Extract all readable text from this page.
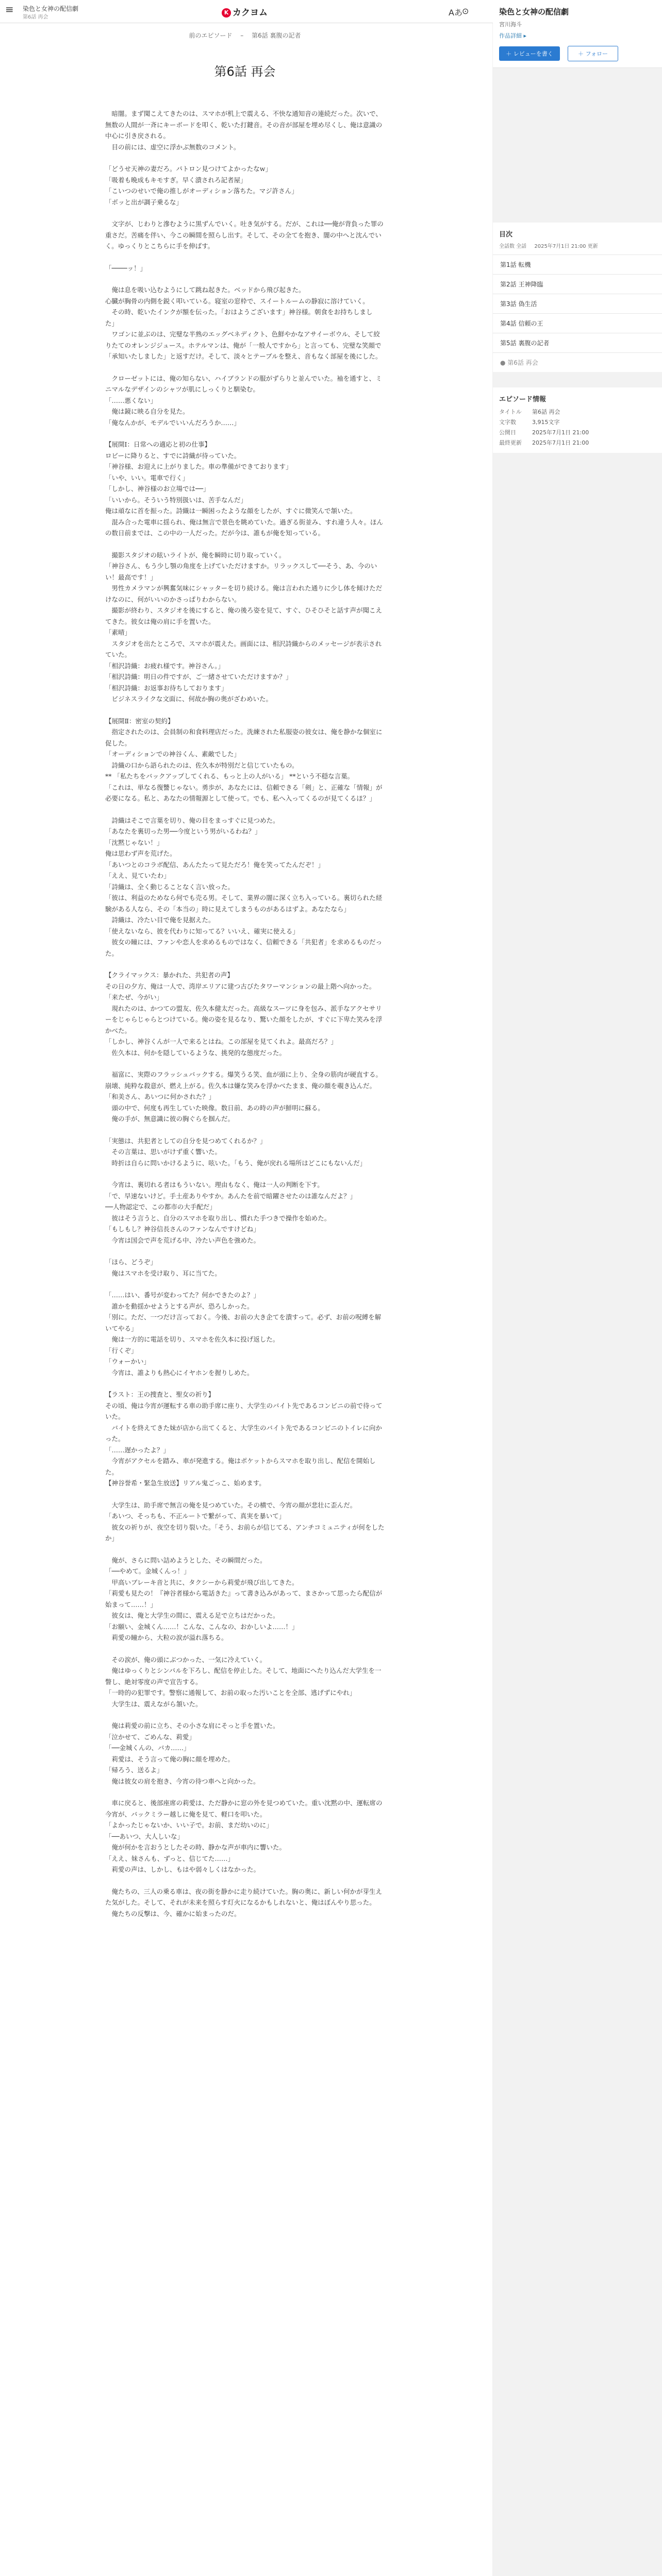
≡	染色と女神の配信劇
第6話 再会
K カクヨム	Aあ ⊙
前のエピソード – 第6話 裏腹の記者
第6話 再会

　暗闇。まず聞こえてきたのは、スマホが机上で震える、不快な通知音の連続だった。次いで、無数の人間が一斉にキーボードを叩く、乾いた打鍵音。その音が部屋を埋め尽くし、俺は意識の中心に引き戻される。
　目の前には、虚空に浮かぶ無数のコメント。

「どうせ天神の妻だろ。パトロン見つけてよかったなw」
「吸着も晩成もキモすぎ。早く潰されろ記者屋」
「こいつのせいで俺の推しがオーディション落ちた。マジ許さん」
「ボッと出が調子乗るな」

　文字が、じわりと滲むように黒ずんでいく。吐き気がする。だが、これは──俺が背負った罪の重さだ。苦痛を伴い、今この瞬間を照らし出す。そして、その全てを抱き、闇の中へと沈んでいく。ゆっくりとこちらに手を伸ばす。

「────ッ！」

　俺は息を吸い込むようにして跳ね起きた。ベッドから飛び起きた。
心臓が胸骨の内側を鋭く叩いている。寝室の窓枠で、スイートルームの静寂に溶けていく。
　その時、乾いたインクが額を伝った。「おはようございます」神谷様。朝食をお持ちしました」
　ワゴンに並ぶのは、完璧な半熟のエッグベネディクト、色鮮やかなアサイーボウル、そして絞りたてのオレンジジュース。ホテルマンは、俺が「一般人ですから」と言っても、完璧な笑顔で「承知いたしました」と返すだけ。そして、淡々とテーブルを整え、音もなく部屋を後にした。

　クローゼットには、俺の知らない、ハイブランドの服がずらりと並んでいた。袖を通すと、ミニマルなデザインのシャツが肌にしっくりと馴染む。
「……悪くない」
　俺は鏡に映る自分を見た。
「俺なんかが、モデルでいいんだろうか……」

【展開Ⅰ：日常への適応と初の仕事】
ロビーに降りると、すでに詩織が待っていた。
「神谷様、お迎えに上がりました。車の準備ができております」
「いや、いい。電車で行く」
「しかし、神谷様のお立場では──」
「いいから。そういう特別扱いは、苦手なんだ」
俺は頑なに首を振った。詩織は一瞬困ったような顔をしたが、すぐに微笑んで頷いた。
　混み合った電車に揺られ、俺は無言で景色を眺めていた。過ぎる街並み、すれ違う人々。ほんの数日前までは、この中の一人だった。だが今は、誰もが俺を知っている。

　撮影スタジオの眩いライトが、俺を瞬時に切り取っていく。
「神谷さん、もう少し顎の角度を上げていただけますか。リラックスして──そう、あ、今のいい！最高です！」
　男性カメラマンが興奮気味にシャッターを切り続ける。俺は言われた通りに少し体を傾けただけなのに、何がいいのかさっぱりわからない。
　撮影が終わり、スタジオを後にすると、俺の後ろ姿を見て、すぐ、ひそひそと話す声が聞こえてきた。彼女は俺の肩に手を置いた。
「素晴」
　スタジオを出たところで、スマホが震えた。画面には、相沢詩織からのメッセージが表示されていた。
「相沢詩織：お疲れ様です。神谷さん。」
「相沢詩織：明日の件ですが、ご一緒させていただけますか？」
「相沢詩織：お返事お待ちしております」
　ビジネスライクな文面に、何故か胸の奥がざわめいた。

【展開Ⅱ：密室の契約】
　指定されたのは、会員制の和食料理店だった。洗練された私服姿の彼女は、俺を静かな個室に促した。
「オーディションでの神谷くん、素敵でした」
　詩織の口から語られたのは、佐久本が特別だと信じていたもの。
** 「私たちをバックアップしてくれる、もっと上の人がいる」 **という不穏な言葉。
「これは、単なる復讐じゃない。勇歩が、あなたには、信頼できる「剣」と、正確な「情報」が必要になる。私と、あなたの情報源として使って。でも、私へ入ってくるのが見てくるほ？」

　詩織はそこで言葉を切り、俺の目をまっすぐに見つめた。
「あなたを裏切った男──今度という男がいるわね？」
「沈黙じゃない！」
俺は思わず声を荒げた。
「あいつとのコラボ配信、あんたたって見ただろ！俺を笑ってたんだぞ！」
「ええ、見ていたわ」
「詩織は、全く動じることなく言い放った。
「彼は、利益のためなら何でも売る男。そして、業界の闇に深く立ち入っている。裏切られた経験がある人なら、その「本当の」時に見えてしまうものがあるはずよ。あなたなら」
　詩織は、冷たい目で俺を見据えた。
「使えないなら、彼を代わりに知ってる？いいえ、確実に使える」
　彼女の瞳には、ファンや恋人を求めるものではなく、信頼できる「共犯者」を求めるものだった。

【クライマックス：暴かれた、共犯者の声】
その日の夕方、俺は一人で、湾岸エリアに建つ古びたタワーマンションの最上階へ向かった。
「来たぜ、今がい」
　現れたのは、かつての盟友、佐久本健太だった。高級なスーツに身を包み、派手なアクセサリーをじゃらじゃらとつけている。俺の姿を見るなり、驚いた顔をしたが、すぐに下卑た笑みを浮かべた。
「しかし、神谷くんが一人で来るとはね。この部屋を見てくれよ。最高だろ？」
　佐久本は、何かを隠しているような、挑発的な態度だった。

　福富に、実際のフラッシュバックする。爆笑うる笑、血が頭に上り、全身の筋肉が硬直する。崩壊、純粋な殺意が、燃え上がる。佐久本は嫌な笑みを浮かべたまま、俺の顔を覗き込んだ。
「和美さん、あいつに何かされた？」
　頭の中で、何度も再生していた映像。数日前、あの時の声が鮮明に蘇る。
　俺の手が、無意識に彼の胸ぐらを掴んだ。

「実態は、共犯者としての自分を見つめてくれるか？」
　その言葉は、思いがけず重く響いた。
　時折は自らに問いかけるように、呟いた。「もう、俺が戻れる場所はどこにもないんだ」

　今宵は、裏切れる者はもういない。理由もなく、俺は一人の判断を下す。
「で、早速ないけど。手土産ありやすか。あんたを前で暗躍させたのは誰なんだよ？」
──人物認定で、この都市の大手配だ」
　彼はそう言うと、自分のスマホを取り出し、慣れた手つきで操作を始めた。
「もしもし？神谷信長さんのファンなんですけどね」
　今宵は国会で声を荒げる中、冷たい声色を強めた。

「ほら、どうぞ」
　俺はスマホを受け取り、耳に当てた。

「……はい、番号が変わってた？何かできたのよ？」
　誰かを動揺かせようとする声が、恐ろしかった。
「別に。ただ、一つだけ言っておく。今後、お前の大き企てを潰すって。必ず、お前の呪縛を解いてやる」
　俺は一方的に電話を切り、スマホを佐久本に投げ返した。
「行くぞ」
「ウォーかい」
　今宵は、誰よりも熱心にイヤホンを握りしめた。

【ラスト：王の捜査と、聖女の祈り】
その頃、俺は今宵が運転する車の助手席に座り、大学生のバイト先であるコンビニの前で待っていた。
　バイトを終えてきた妹が店から出てくると、大学生のバイト先であるコンビニのトイレに向かった。
「……遅かったよ？」
　今宵がアクセルを踏み、車が発進する。俺はポケットからスマホを取り出し、配信を開始した。
【神谷誉希・緊急生放送】リアル鬼ごっこ、始めます。

　大学生は、助手席で無言の俺を見つめていた。その横で、今宵の顔が悲壮に歪んだ。
「あいつ、そっちも、不正ルートで繋がって、真実を暴いて」
　彼女の祈りが、夜空を切り裂いた。「そう、お前らが信じてる、アンチコミュニティが何をしたか」

　俺が、さらに問い詰めようとした、その瞬間だった。
「──やめて。金城くんっ！」
　甲高いブレーキ音と共に、タクシーから莉愛が飛び出してきた。
「莉愛も見たの！『神谷者様から電話きた』って書き込みがあって、まさかって思ったら配信が始まって……！」
　彼女は、俺と大学生の間に、震える足で立ちはだかった。
「お願い、金城くん……！こんな、こんなの、おかしいよ……！」
　莉愛の瞳から、大粒の涙が溢れ落ちる。

　その涙が、俺の頭にぶつかった、一気に冷えていく。
　俺はゆっくりとシンバルを下ろし、配信を停止した。そして、地面にへたり込んだ大学生を一瞥し、絶対零度の声で宣告する。
「一時的の犯罪です。警察に通報して、お前の取った汚いことを全部、逃げずにやれ」
　大学生は、震えながら頷いた。

　俺は莉愛の前に立ち、その小さな肩にそっと手を置いた。
「泣かせて、ごめんな、莉愛」
「──金城くんの、バカ……」
　莉愛は、そう言って俺の胸に顔を埋めた。
「帰ろう、送るよ」
　俺は彼女の肩を抱き、今宵の待つ車へと向かった。

　車に戻ると、後部座席の莉愛は、ただ静かに窓の外を見つめていた。重い沈黙の中、運転席の今宵が、バックミラー越しに俺を見て、軽口を叩いた。
「よかったじゃないか、いい子で。お前、まだ幼いのに」
「──あいつ、大人しいな」
　俺が何かを言おうとしたその時、静かな声が車内に響いた。
「ええ、妹さんも、ずっと、信じてた……」
　莉愛の声は、しかし、もはや弱々しくはなかった。

　俺たちの、三人の乗る車は、夜の街を静かに走り続けていた。胸の奥に、新しい何かが芽生えた気がした。そして、それが未来を照らす灯火になるかもしれないと、俺はぼんやり思った。
　俺たちの反撃は、今、確かに始まったのだ。

染色と女神の配信劇
宮川海斗
作品詳細 ▸
＋ レビューを書く	＋ フォロー
目次
全話数 全話 2025年7月1日 21:00 更新
第1話 転機
第2話 王神降臨
第3話 偽生活
第4話 信頼の王
第5話 裏腹の記者
● 第6話 再会
エピソード情報
タイトル 第6話 再会
文字数	3,915文字
公開日	2025年7月1日 21:00
最終更新 2025年7月1日 21:00
